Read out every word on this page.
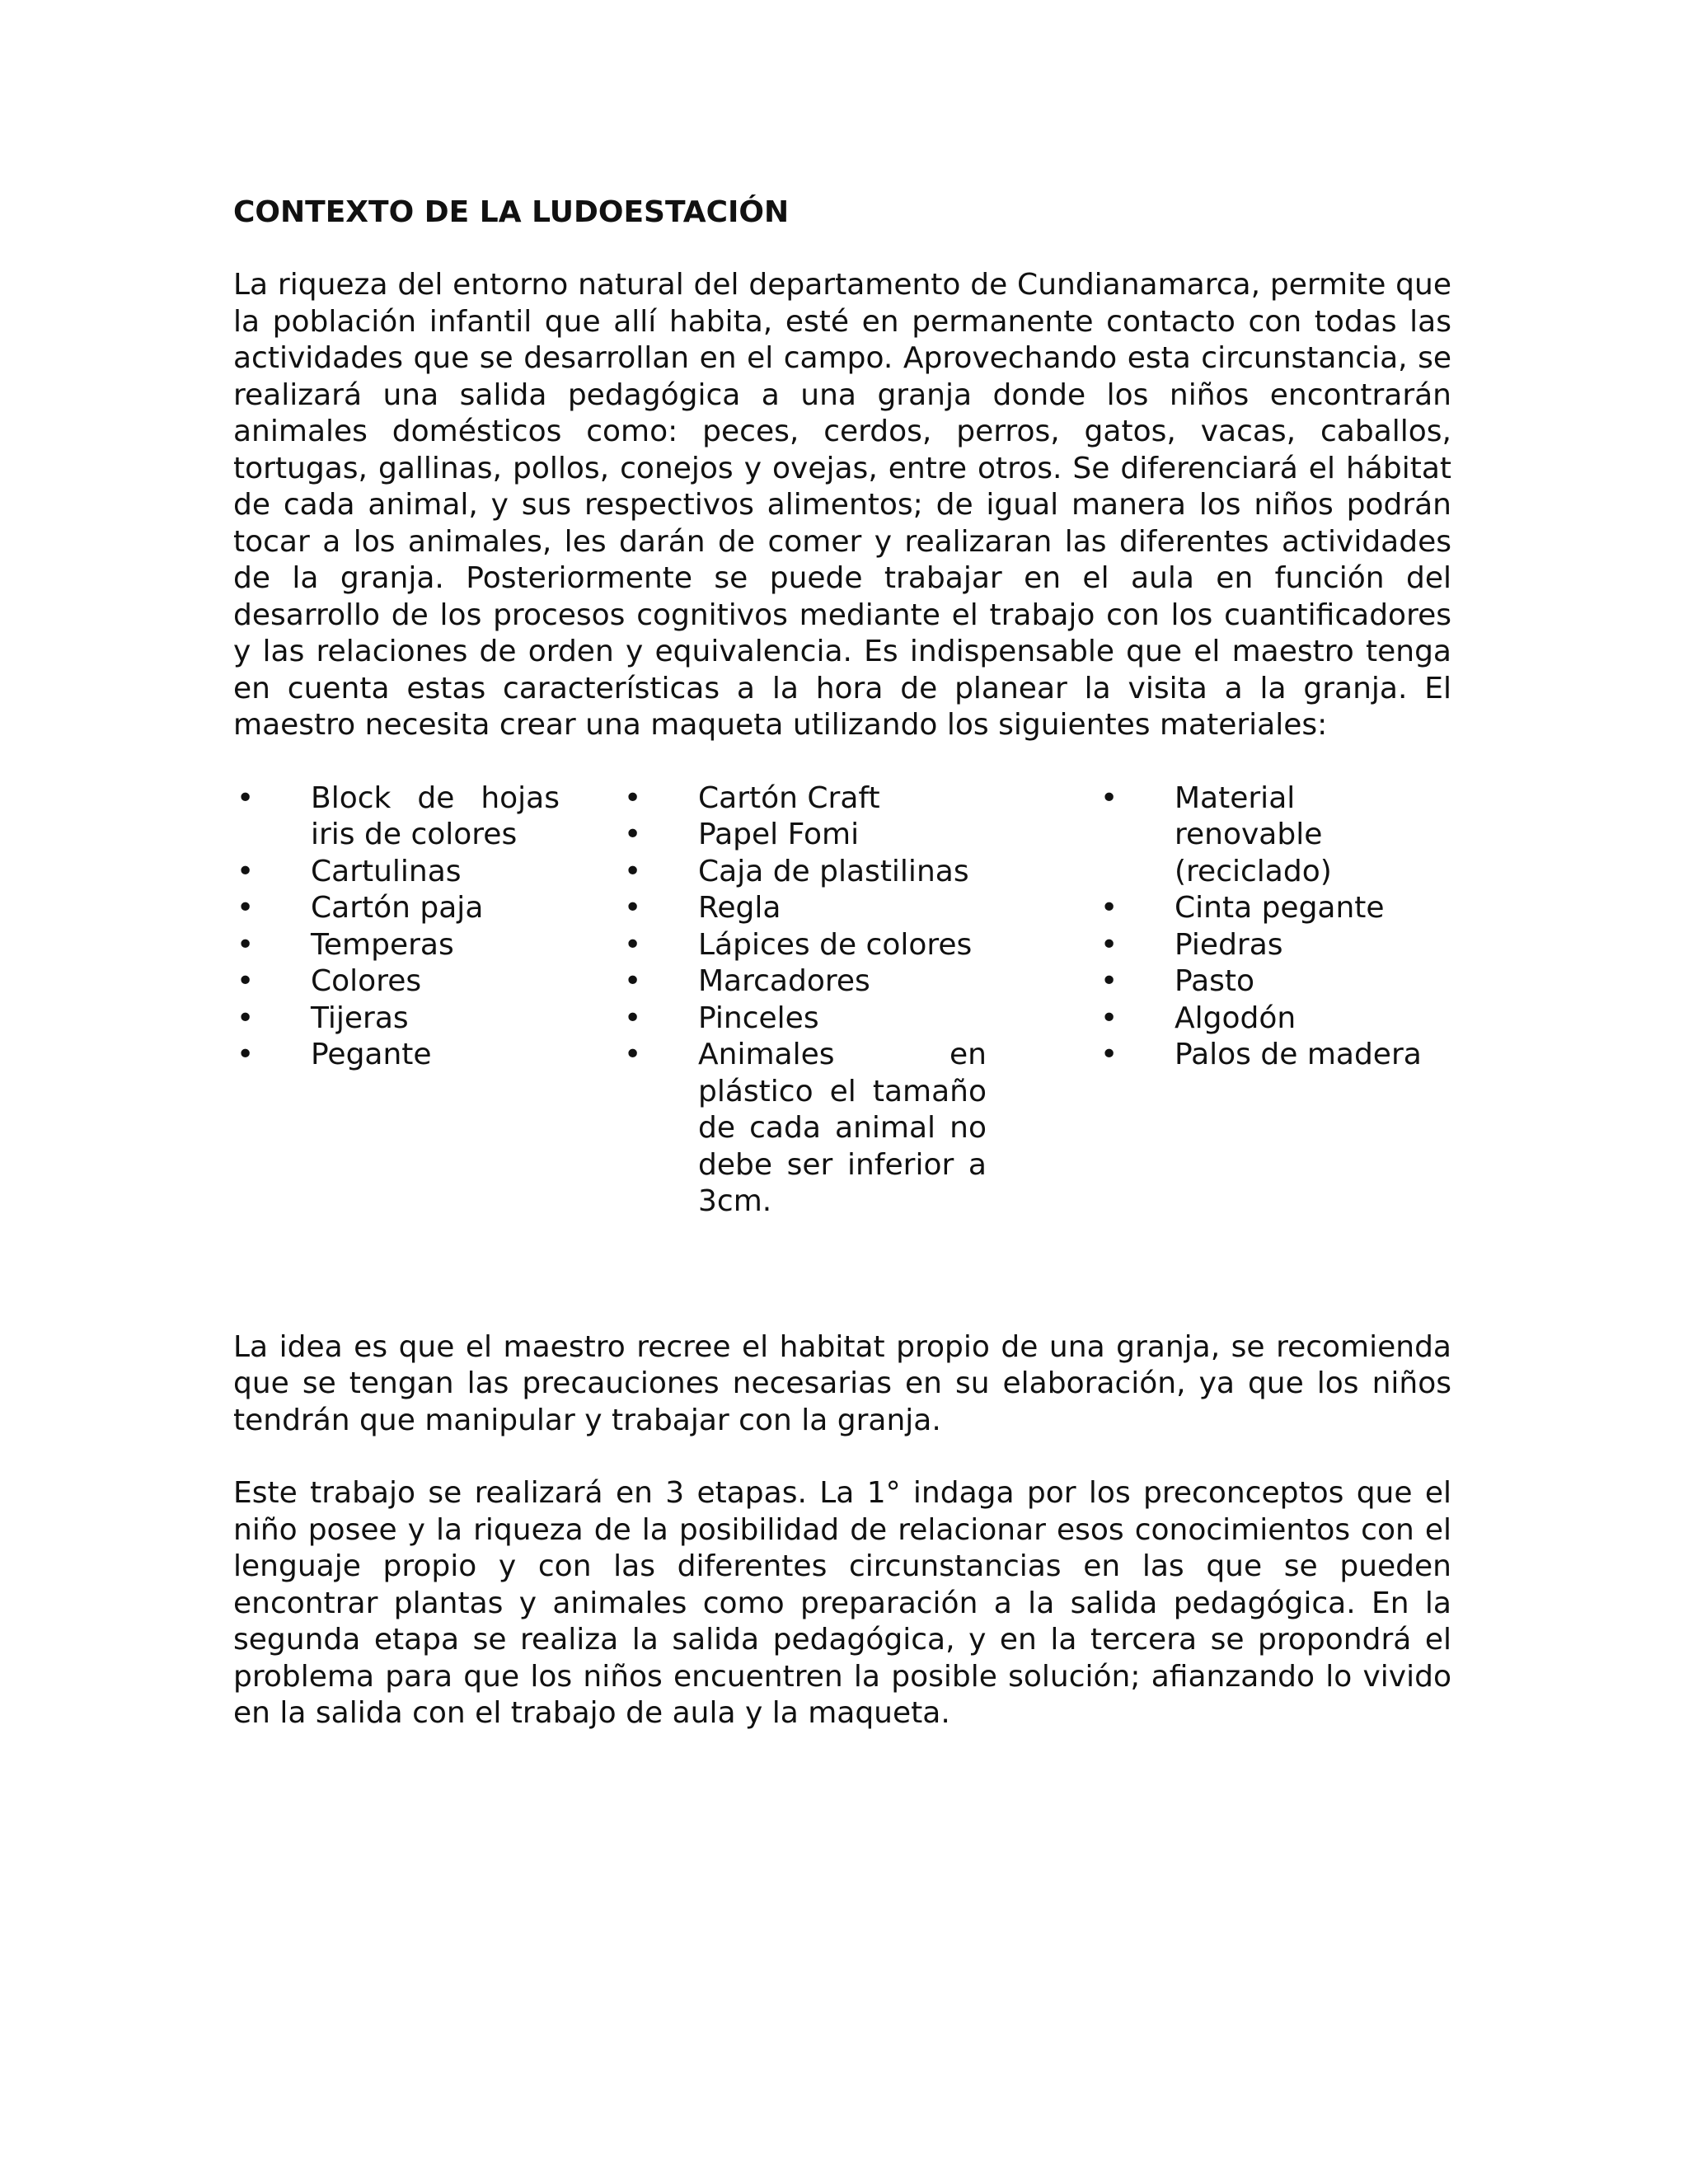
CONTEXTO DE LA LUDOESTACIÓN

La riqueza del entorno natural del departamento de Cundianamarca, permite que la población infantil que allí habita, esté en permanente contacto con todas las actividades que se desarrollan en el campo. Aprovechando esta circunstancia, se realizará una salida pedagógica a una granja donde los niños encontrarán animales domésticos como: peces, cerdos, perros, gatos, vacas, caballos, tortugas, gallinas, pollos, conejos y ovejas, entre otros. Se diferenciará el hábitat de cada animal, y sus respectivos alimentos; de igual manera los niños podrán tocar a los animales, les darán de comer y realizaran las diferentes actividades de la granja. Posteriormente se puede trabajar en el aula en función del desarrollo de los procesos cognitivos mediante el trabajo con los cuantificadores y las relaciones de orden y equivalencia. Es indispensable que el maestro tenga en cuenta estas características a la hora de planear la visita a la granja. El maestro necesita crear una maqueta utilizando los siguientes materiales:

• Block de hojas iris de colores
• Cartulinas
• Cartón paja
• Temperas
• Colores
• Tijeras
• Pegante
• Cartón Craft
• Papel Fomi
• Caja de plastilinas
• Regla
• Lápices de colores
• Marcadores
• Pinceles
• Animales en plástico el tamaño de cada animal no debe ser inferior a 3cm.
• Material renovable (reciclado)
• Cinta pegante
• Piedras
• Pasto
• Algodón
• Palos de madera

La idea es que el maestro recree el habitat propio de una granja, se recomienda que se tengan las precauciones necesarias en su elaboración, ya que los niños tendrán que manipular y trabajar con la granja.

Este trabajo se realizará en 3 etapas. La 1° indaga por los preconceptos que el niño posee y la riqueza de la posibilidad de relacionar esos conocimientos con el lenguaje propio y con las diferentes circunstancias en las que se pueden encontrar plantas y animales como preparación a la salida pedagógica. En la segunda etapa se realiza la salida pedagógica, y en la tercera se propondrá el problema para que los niños encuentren la posible solución; afianzando lo vivido en la salida con el trabajo de aula y la maqueta.
